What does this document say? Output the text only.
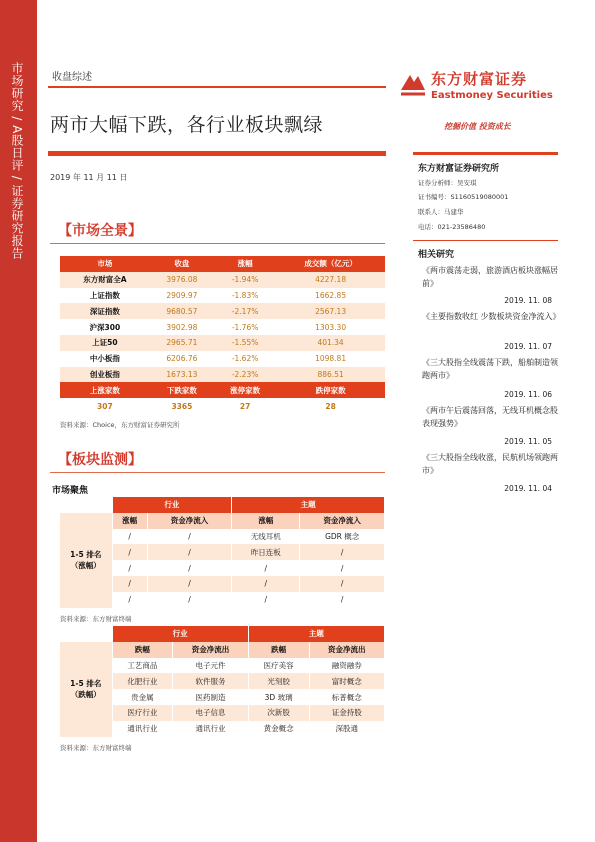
市场研究 / A股日评 / 证券研究报告	收盘综述
两市大幅下跌，各行业板块飘绿
2019 年 11 月 11 日
东方财富证券
Eastmoney Securities
挖掘价值 投资成长
东方财富证券研究所
证券分析师：吴安琪
证书编号：S1160519080001
联系人：马建华
电话：021-23586480
相关研究
《两市震荡走弱，旅游酒店板块涨幅居前》
2019. 11. 08
《主要指数收红 少数板块资金净流入》
2019. 11. 07
《三大股指全线震荡下跌，船舶制造领跑两市》
2019. 11. 06
《两市午后震荡回落，无线耳机概念股表现强势》
2019. 11. 05
《三大股指全线收涨，民航机场领跑两市》
2019. 11. 04
【市场全景】
市场	收盘	涨幅	成交额（亿元）
东方财富全A	3976.08	-1.94%	4227.18
上证指数	2909.97	-1.83%	1662.85
深证指数	9680.57	-2.17%	2567.13
沪深300	3902.98	-1.76%	1303.30
上证50	2965.71	-1.55%	401.34
中小板指	6206.76	-1.62%	1098.81
创业板指	1673.13	-2.23%	886.51
上涨家数	下跌家数	涨停家数	跌停家数
307	3365	27	28
资料来源：Choice，东方财富证券研究所
【板块监测】
市场聚焦
	行业		主题	

1-5 排名
（涨幅）	涨幅	资金净流入	涨幅	资金净流入
	/	/	无线耳机	GDR 概念
	/	/	昨日连板	/
	/	/	/	/
	/	/	/	/
	/	/	/	/
资料来源：东方财富终端
	行业		主题	

1-5 排名
（跌幅）	跌幅	资金净流出	跌幅	资金净流出
	工艺商品	电子元件	医疗美容	融资融券
	化肥行业	软件服务	光刻胶	富时概念
	贵金属	医药制造	3D 玻璃	标普概念
	医疗行业	电子信息	次新股	证金持股
	通讯行业	通讯行业	黄金概念	深股通
资料来源：东方财富终端
